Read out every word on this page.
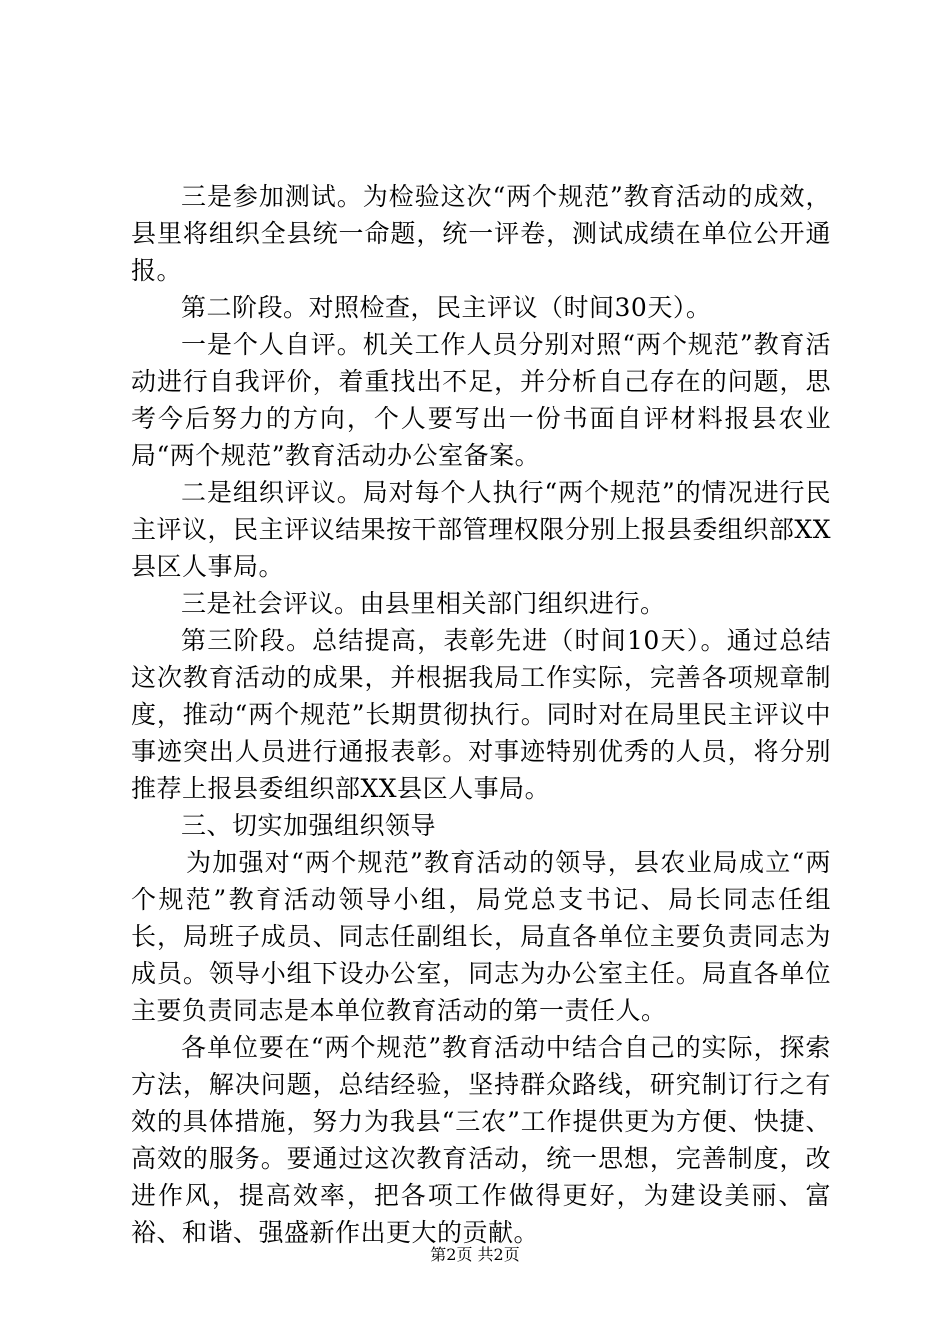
三是参加测试。为检验这次“两个规范”教育活动的成效，县里将组织全县统一命题，统一评卷，测试成绩在单位公开通报。

第二阶段。对照检查，民主评议（时间30天）。

一是个人自评。机关工作人员分别对照“两个规范”教育活动进行自我评价，着重找出不足，并分析自己存在的问题，思考今后努力的方向，个人要写出一份书面自评材料报县农业局“两个规范”教育活动办公室备案。

二是组织评议。局对每个人执行“两个规范”的情况进行民主评议，民主评议结果按干部管理权限分别上报县委组织部XX县区人事局。

三是社会评议。由县里相关部门组织进行。

第三阶段。总结提高，表彰先进（时间10天）。通过总结这次教育活动的成果，并根据我局工作实际，完善各项规章制度，推动“两个规范”长期贯彻执行。同时对在局里民主评议中事迹突出人员进行通报表彰。对事迹特别优秀的人员，将分别推荐上报县委组织部XX县区人事局。

三、切实加强组织领导

为加强对“两个规范”教育活动的领导，县农业局成立“两个规范”教育活动领导小组，局党总支书记、局长同志任组长，局班子成员、同志任副组长，局直各单位主要负责同志为成员。领导小组下设办公室，同志为办公室主任。局直各单位主要负责同志是本单位教育活动的第一责任人。

各单位要在“两个规范”教育活动中结合自己的实际，探索方法，解决问题，总结经验，坚持群众路线，研究制订行之有效的具体措施，努力为我县“三农”工作提供更为方便、快捷、高效的服务。要通过这次教育活动，统一思想，完善制度，改进作风，提高效率，把各项工作做得更好，为建设美丽、富裕、和谐、强盛新作出更大的贡献。

第2页 共2页
